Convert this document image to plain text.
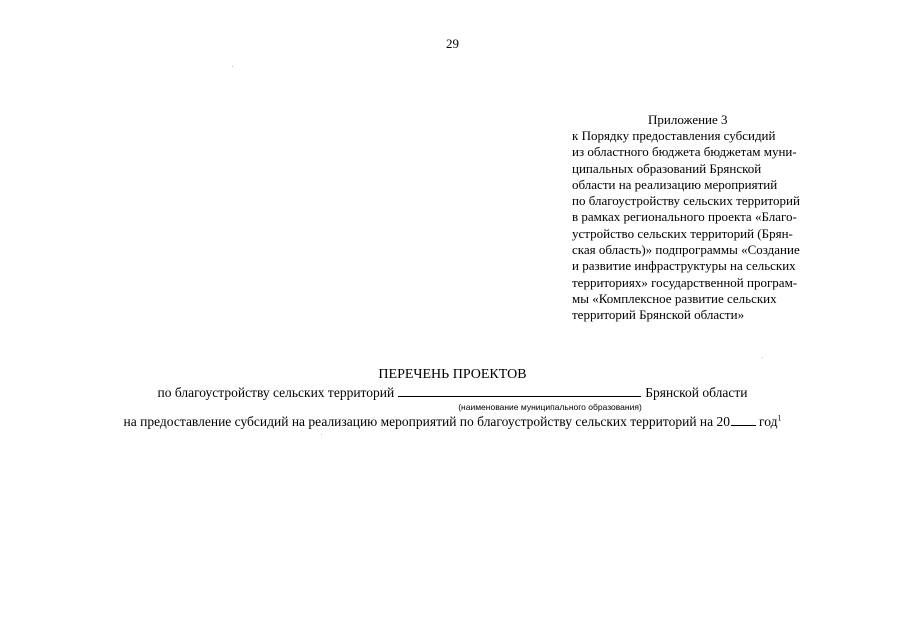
29
Приложение 3
к Порядку предоставления субсидий
из областного бюджета бюджетам муни-
ципальных образований Брянской
области на реализацию мероприятий
по благоустройству сельских территорий
в рамках регионального проекта «Благо-
устройство сельских территорий (Брян-
ская область)» подпрограммы «Создание
и развитие инфраструктуры на сельских
территориях» государственной програм-
мы «Комплексное развитие сельских
территорий Брянской области»
ПЕРЕЧЕНЬ ПРОЕКТОВ
по благоустройству сельских территорий	Брянской области
(наименование муниципального образования)
на предоставление субсидий на реализацию мероприятий по благоустройству сельских территорий на 20 год$^1$
